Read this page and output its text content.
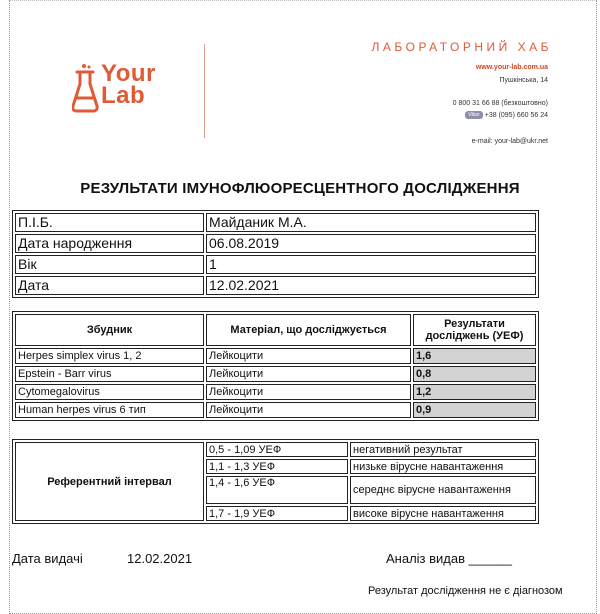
Your
Lab
ЛАБОРАТОРНИЙ ХАБ
www.your-lab.com.ua
Пушкінська, 14
0 800 31 66 88 (безкоштовно)
Viber +38 (095) 660 56 24
e-mail: your-lab@ukr.net
РЕЗУЛЬТАТИ ІМУНОФЛЮОРЕСЦЕНТНОГО ДОСЛІДЖЕННЯ
П.І.Б.	Майданик М.А.
Дата народження	06.08.2019
Вік	1
Дата	12.02.2021
Збудник	Матеріал, що досліджується	Результати досліджень (УЕФ)
Herpes simplex virus 1, 2	Лейкоцити	1,6
Epstein - Barr virus	Лейкоцити	0,8
Cytomegalovirus	Лейкоцити	1,2
Human herpes virus 6 тип	Лейкоцити	0,9
Референтний інтервал	0,5 - 1,09 УЕФ	негативний результат
	1,1 - 1,3 УЕФ	низьке вірусне навантаження
	1,4 - 1,6 УЕФ	середнє вірусне навантаження
	1,7 - 1,9 УЕФ	високе вірусне навантаження
Дата видачі	12.02.2021	Аналіз видав ______
Результат дослідження не є діагнозом
